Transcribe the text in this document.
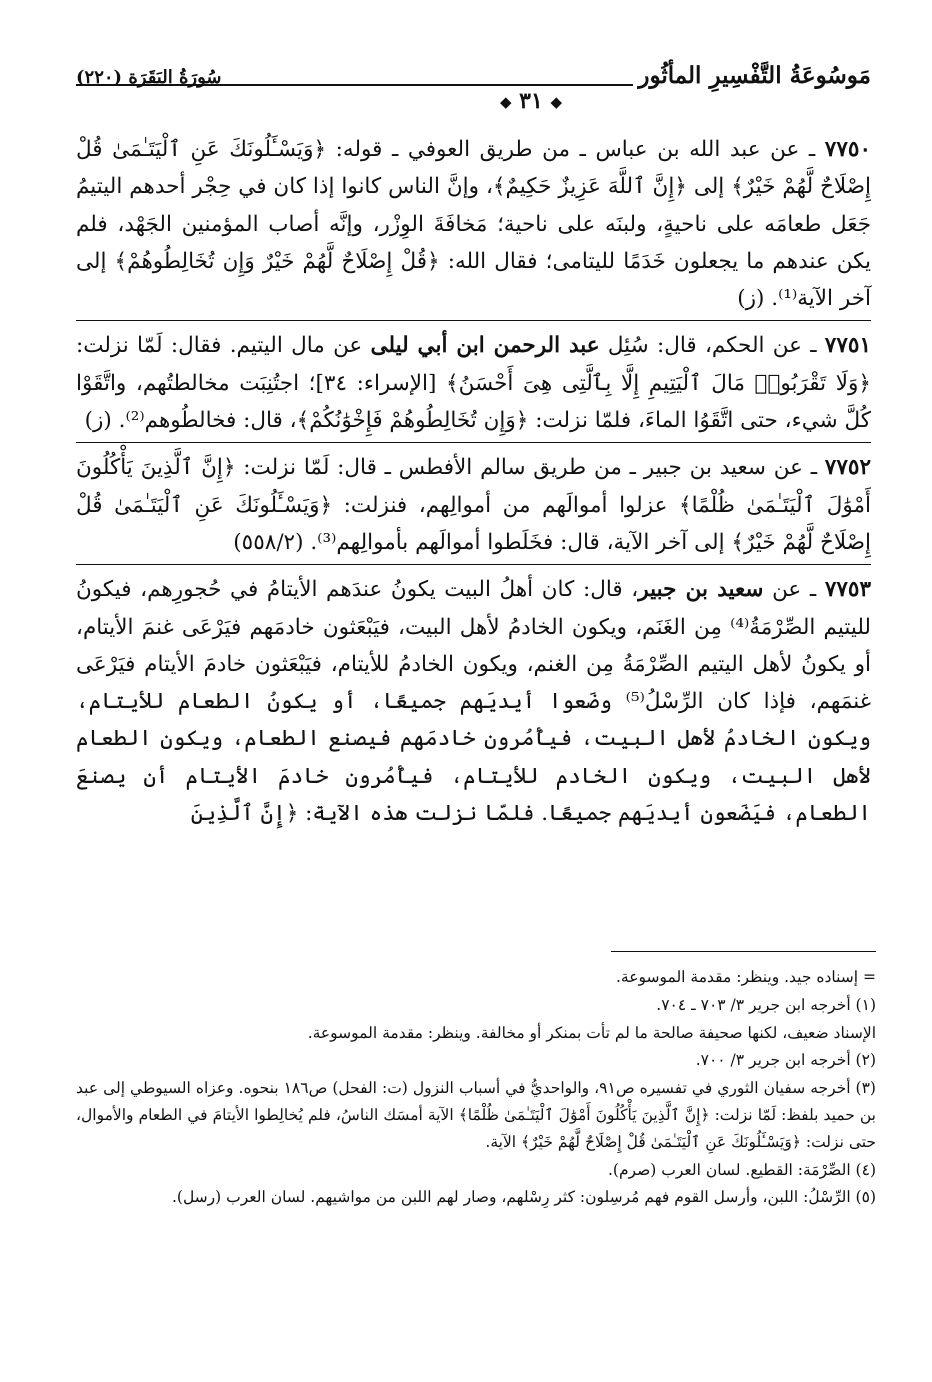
مَوسُوعَةُ التَّفْسِيرِ المأثُور
سُورَةُ البَقَرَة (٢٢٠)
◆ ٣١ ◆

٧٧٥٠ ـ عن عبد الله بن عباس ـ من طريق العوفي ـ قوله: ﴿وَيَسْـَٔلُونَكَ عَنِ ٱلْيَتَـٰمَىٰ قُلْ إِصْلَاحٌ لَّهُمْ خَيْرٌ﴾ إلى ﴿إِنَّ ٱللَّهَ عَزِيزٌ حَكِيمٌ﴾، وإنَّ الناس كانوا إذا كان في حِجْر أحدهم اليتيمُ جَعَل طعامَه على ناحيةٍ، ولبنَه على ناحية؛ مَخافَةَ الوِزْر، وإنَّه أصاب المؤمنين الجَهْد، فلم يكن عندهم ما يجعلون خَدَمًا لليتامى؛ فقال الله: ﴿قُلْ إِصْلَاحٌ لَّهُمْ خَيْرٌ وَإِن تُخَالِطُوهُمْ﴾ إلى آخر الآية⁽¹⁾. (ز)

٧٧٥١ ـ عن الحكم، قال: سُئِل عبد الرحمن ابن أبي ليلى عن مال اليتيم. فقال: لَمّا نزلت: ﴿وَلَا تَقْرَبُوا۟ مَالَ ٱلْيَتِيمِ إِلَّا بِٱلَّتِى هِىَ أَحْسَنُ﴾ [الإسراء: ٣٤]؛ اجتُنِبَت مخالطتُهم، واتَّقَوْا كُلَّ شيء، حتى اتَّقَوُا الماءَ، فلمّا نزلت: ﴿وَإِن تُخَالِطُوهُمْ فَإِخْوَٰنُكُمْ﴾، قال: فخالطُوهم⁽²⁾. (ز)

٧٧٥٢ ـ عن سعيد بن جبير ـ من طريق سالم الأفطس ـ قال: لَمّا نزلت: ﴿إِنَّ ٱلَّذِينَ يَأْكُلُونَ أَمْوَٰلَ ٱلْيَتَـٰمَىٰ ظُلْمًا﴾ عزلوا أموالَهم من أموالِهم، فنزلت: ﴿وَيَسْـَٔلُونَكَ عَنِ ٱلْيَتَـٰمَىٰ قُلْ إِصْلَاحٌ لَّهُمْ خَيْرٌ﴾ إلى آخر الآية، قال: فخَلَطوا أموالَهم بأموالِهم⁽³⁾. (٥٥٨/٢)

٧٧٥٣ ـ عن سعيد بن جبير، قال: كان أهلُ البيت يكونُ عندَهم الأيتامُ في حُجورِهم، فيكونُ لليتيم الصِّرْمَةُ⁽⁴⁾ مِن الغَنَم، ويكون الخادمُ لأهل البيت، فيَبْعَثون خادمَهم فيَرْعَى غنمَ الأيتام، أو يكونُ لأهل اليتيم الصِّرْمَةُ مِن الغنم، ويكون الخادمُ للأيتام، فيَبْعَثون خادمَ الأيتام فيَرْعَى غنمَهم، فإذا كان الرِّسْلُ⁽⁵⁾ وضَعوا أيديَهم جميعًا، أو يكونُ الطعام للأيتام، ويكون الخادمُ لأهل البيت، فيأْمُرون خادمَهم فيصنع الطعام، ويكون الطعام لأهل البيت، ويكون الخادم للأيتام، فيأْمُرون خادمَ الأيتام أن يصنعَ الطعام، فيَضَعون أيديَهم جميعًا. فلمّا نزلت هذه الآية: ﴿إِنَّ ٱلَّذِينَ

= إسناده جيد. وينظر: مقدمة الموسوعة.

(١) أخرجه ابن جرير ٣/ ٧٠٣ ـ ٧٠٤.

الإسناد ضعيف، لكنها صحيفة صالحة ما لم تأت بمنكر أو مخالفة. وينظر: مقدمة الموسوعة.

(٢) أخرجه ابن جرير ٣/ ٧٠٠.

(٣) أخرجه سفيان الثوري في تفسيره ص٩١، والواحديُّ في أسباب النزول (ت: الفحل) ص١٨٦ بنحوه. وعزاه السيوطي إلى عبد بن حميد بلفظ: لَمّا نزلت: ﴿إِنَّ ٱلَّذِينَ يَأْكُلُونَ أَمْوَٰلَ ٱلْيَتَـٰمَىٰ ظُلْمًا﴾ الآية أمسَك الناسُ، فلم يُخالِطوا الأيتامَ في الطعام والأموال، حتى نزلت: ﴿وَيَسْـَٔلُونَكَ عَنِ ٱلْيَتَـٰمَىٰ قُلْ إِصْلَاحٌ لَّهُمْ خَيْرٌ﴾ الآية.

(٤) الصِّرْمَة: القطيع. لسان العرب (صرم).

(٥) الرِّسْلُ: اللبن، وأرسل القوم فهم مُرسِلون: كثر رِسْلهم، وصار لهم اللبن من مواشيهم. لسان العرب (رسل).
